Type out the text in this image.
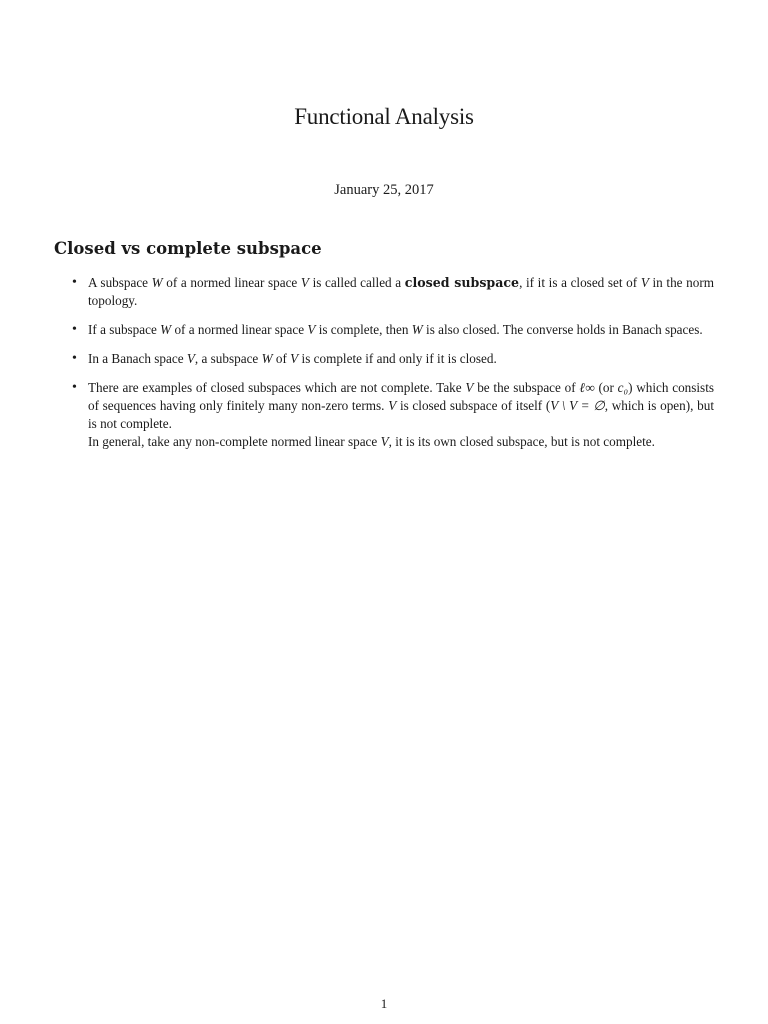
Functional Analysis
January 25, 2017
Closed vs complete subspace
• A subspace W of a normed linear space V is called called a closed subspace, if it is a closed set of V in the norm topology.
• If a subspace W of a normed linear space V is complete, then W is also closed. The converse holds in Banach spaces.
• In a Banach space V, a subspace W of V is complete if and only if it is closed.
• There are examples of closed subspaces which are not complete. Take V be the subspace of ℓ∞ (or c₀) which consists of sequences having only finitely many non-zero terms. V is closed subspace of itself (V \ V = ∅, which is open), but is not complete.
In general, take any non-complete normed linear space V, it is its own closed subspace, but is not complete.
1
